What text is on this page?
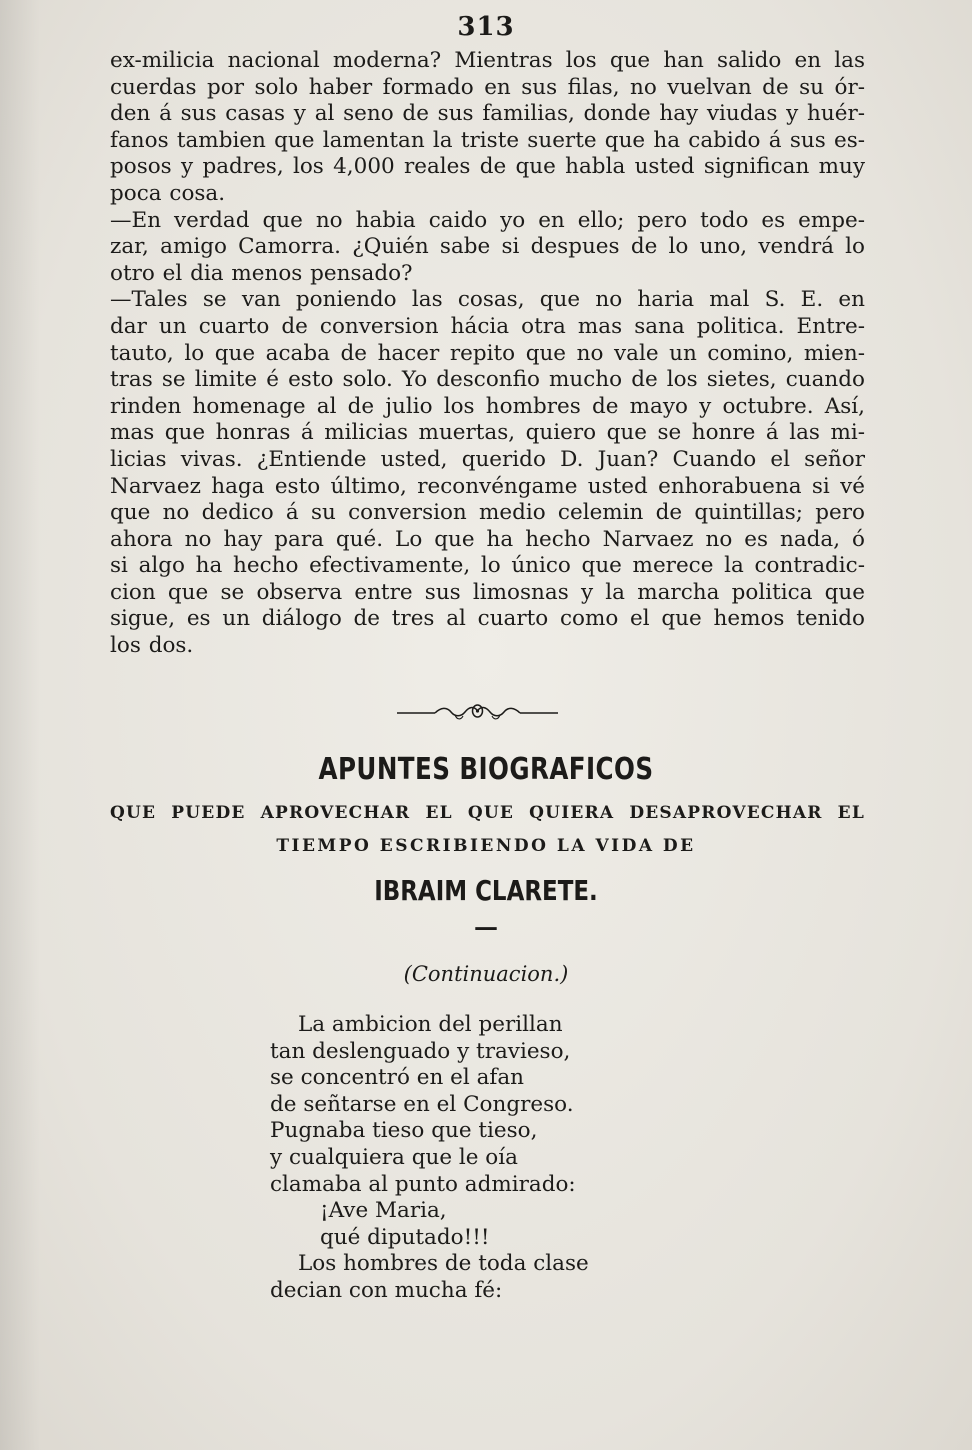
313
ex-milicia nacional moderna? Mientras los que han salido en las
cuerdas por solo haber formado en sus filas, no vuelvan de su ór-
den á sus casas y al seno de sus familias, donde hay viudas y huér-
fanos tambien que lamentan la triste suerte que ha cabido á sus es-
posos y padres, los 4,000 reales de que habla usted significan muy
poca cosa.
—En verdad que no habia caido yo en ello; pero todo es empe-
zar, amigo Camorra. ¿Quién sabe si despues de lo uno, vendrá lo
otro el dia menos pensado?
—Tales se van poniendo las cosas, que no haria mal S. E. en
dar un cuarto de conversion hácia otra mas sana politica. Entre-
tauto, lo que acaba de hacer repito que no vale un comino, mien-
tras se limite é esto solo. Yo desconfio mucho de los sietes, cuando
rinden homenage al de julio los hombres de mayo y octubre. Así,
mas que honras á milicias muertas, quiero que se honre á las mi-
licias vivas. ¿Entiende usted, querido D. Juan? Cuando el señor
Narvaez haga esto último, reconvéngame usted enhorabuena si vé
que no dedico á su conversion medio celemin de quintillas; pero
ahora no hay para qué. Lo que ha hecho Narvaez no es nada, ó
si algo ha hecho efectivamente, lo único que merece la contradic-
cion que se observa entre sus limosnas y la marcha politica que
sigue, es un diálogo de tres al cuarto como el que hemos tenido
los dos.
APUNTES BIOGRAFICOS
QUE PUEDE APROVECHAR EL QUE QUIERA DESAPROVECHAR EL
TIEMPO ESCRIBIENDO LA VIDA DE
IBRAIM CLARETE.
—
(Continuacion.)
La ambicion del perillan
tan deslenguado y travieso,
se concentró en el afan
de señtarse en el Congreso.
Pugnaba tieso que tieso,
y cualquiera que le oía
clamaba al punto admirado:
¡Ave Maria,
qué diputado!!!
Los hombres de toda clase
decian con mucha fé:
